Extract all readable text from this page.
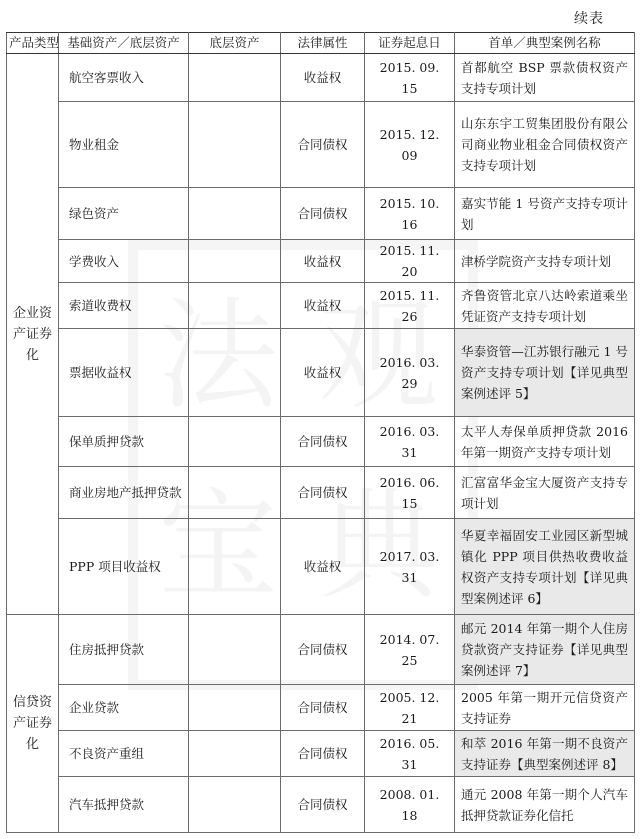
续表
产品类型	基础资产／底层资产	底层资产	法律属性	证券起息日	首单／典型案例名称
企业资产证券化	航空客票收入		收益权	2015. 09. 15	首都航空 BSP 票款债权资产支持专项计划
	物业租金		合同债权	2015. 12. 09	山东东宇工贸集团股份有限公司商业物业租金合同债权资产支持专项计划
	绿色资产		合同债权	2015. 10. 16	嘉实节能 1 号资产支持专项计划
	学费收入		收益权	2015. 11. 20	津桥学院资产支持专项计划
	索道收费权		收益权	2015. 11. 26	齐鲁资管北京八达岭索道乘坐凭证资产支持专项计划
	票据收益权		收益权	2016. 03. 29	华泰资管—江苏银行融元 1 号资产支持专项计划【详见典型案例述评 5】
	保单质押贷款		合同债权	2016. 03. 31	太平人寿保单质押贷款 2016 年第一期资产支持专项计划
	商业房地产抵押贷款		合同债权	2016. 06. 15	汇富富华金宝大厦资产支持专项计划
	PPP 项目收益权		收益权	2017. 03. 31	华夏幸福固安工业园区新型城镇化 PPP 项目供热收费收益权资产支持专项计划【详见典型案例述评 6】
信贷资产证券化	住房抵押贷款		合同债权	2014. 07. 25	邮元 2014 年第一期个人住房贷款资产支持证券【详见典型案例述评 7】
	企业贷款		合同债权	2005. 12. 21	2005 年第一期开元信贷资产支持证券
	不良资产重组		合同债权	2016. 05. 31	和萃 2016 年第一期不良资产支持证券【典型案例述评 8】
	汽车抵押贷款		合同债权	2008. 01. 18	通元 2008 年第一期个人汽车抵押贷款证券化信托
